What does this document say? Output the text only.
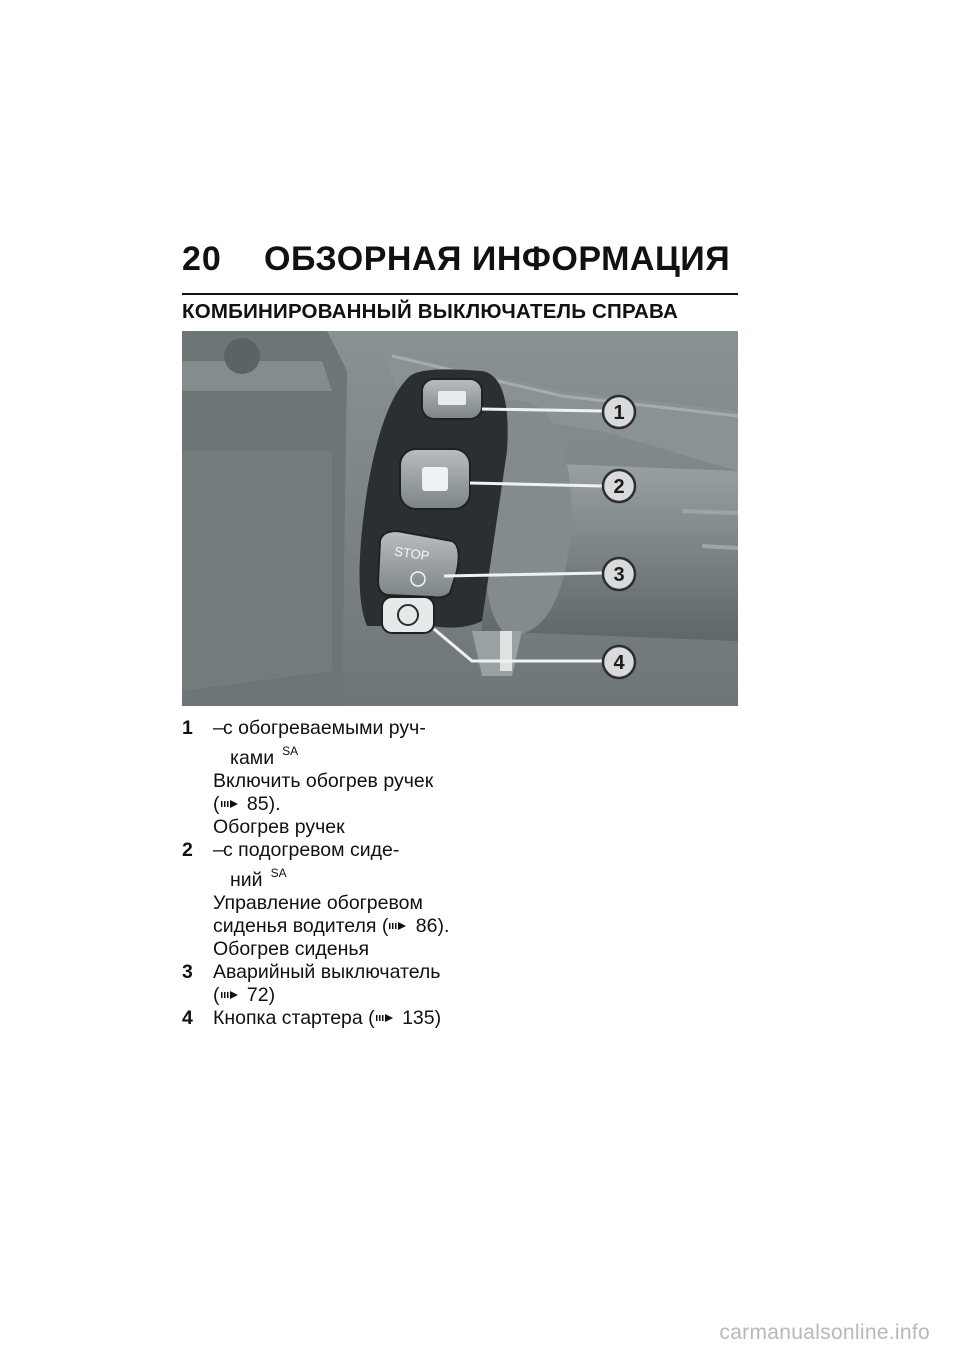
20 ОБЗОРНАЯ ИНФОРМАЦИЯ
КОМБИНИРОВАННЫЙ ВЫКЛЮЧАТЕЛЬ СПРАВА
STOP
1
2
3
4
1	–с обогреваемыми руч-
ками $^{SA}$
Включить обогрев ручек
( 85).
Обогрев ручек
2	–с подогревом сиде-
ний $^{SA}$
Управление обогревом
сиденья водителя ( 86).
Обогрев сиденья
3	Аварийный выключатель
( 72)
4	Кнопка стартера ( 135)
carmanualsonline.info
